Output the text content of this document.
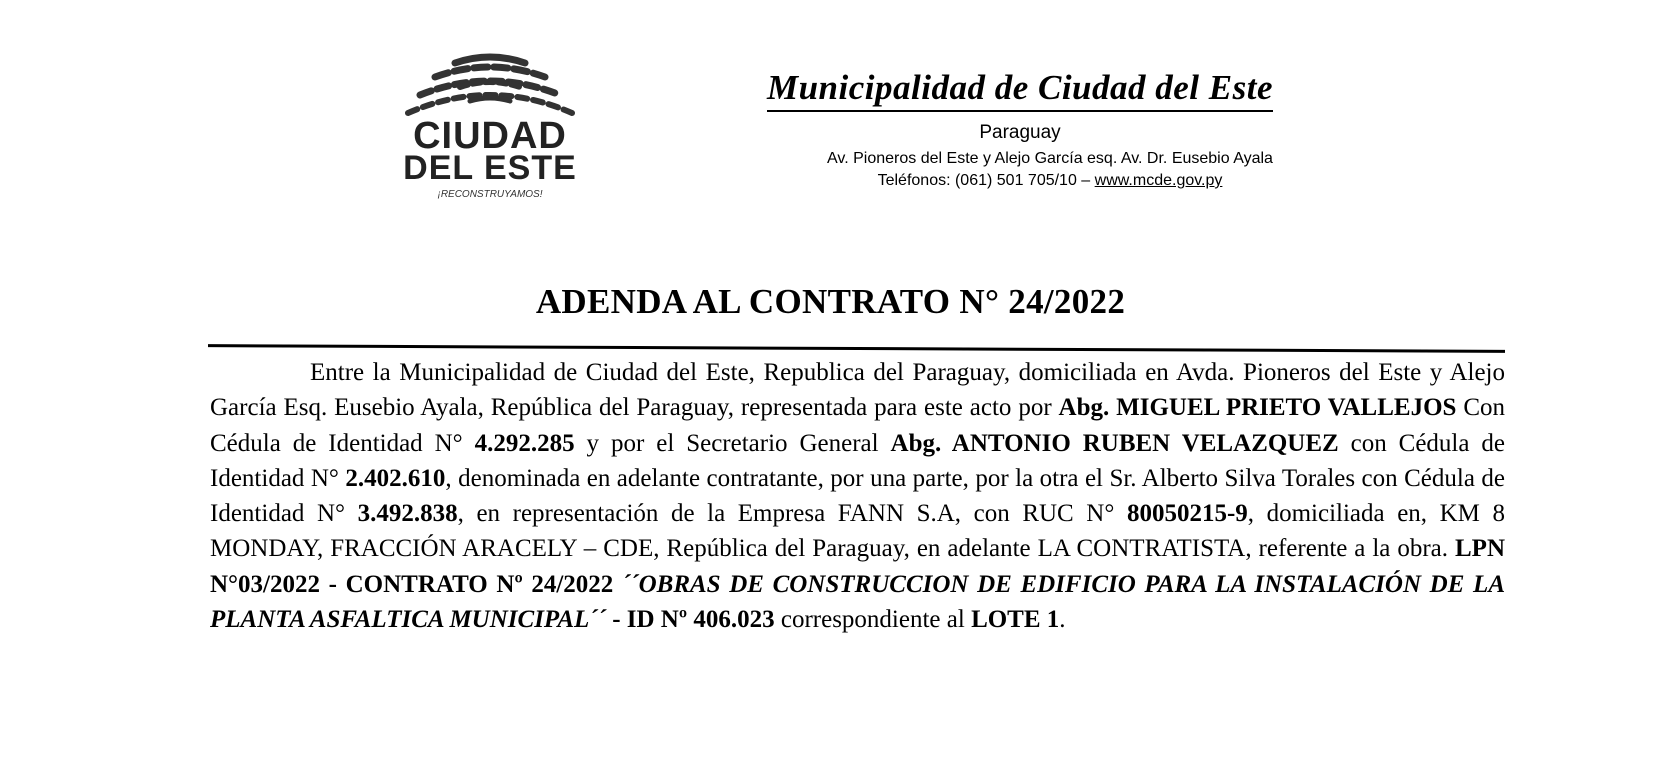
CIUDAD
DEL ESTE
¡RECONSTRUYAMOS!
Municipalidad de Ciudad del Este
Paraguay
Av. Pioneros del Este y Alejo García esq. Av. Dr. Eusebio Ayala
Teléfonos: (061) 501 705/10 – www.mcde.gov.py
ADENDA AL CONTRATO N° 24/2022

Entre la Municipalidad de Ciudad del Este, Republica del Paraguay, domiciliada en Avda. Pioneros del Este y Alejo García Esq. Eusebio Ayala, República del Paraguay, representada para este acto por Abg. MIGUEL PRIETO VALLEJOS Con Cédula de Identidad N° 4.292.285 y por el Secretario General Abg. ANTONIO RUBEN VELAZQUEZ con Cédula de Identidad N° 2.402.610, denominada en adelante contratante, por una parte, por la otra el Sr. Alberto Silva Torales con Cédula de Identidad N° 3.492.838, en representación de la Empresa FANN S.A, con RUC N° 80050215-9, domiciliada en, KM 8 MONDAY, FRACCIÓN ARACELY – CDE, República del Paraguay, en adelante LA CONTRATISTA, referente a la obra. LPN N°03/2022 - CONTRATO Nº 24/2022 ´´OBRAS DE CONSTRUCCION DE EDIFICIO PARA LA INSTALACIÓN DE LA PLANTA ASFALTICA MUNICIPAL´´ - ID Nº 406.023 correspondiente al LOTE 1.
